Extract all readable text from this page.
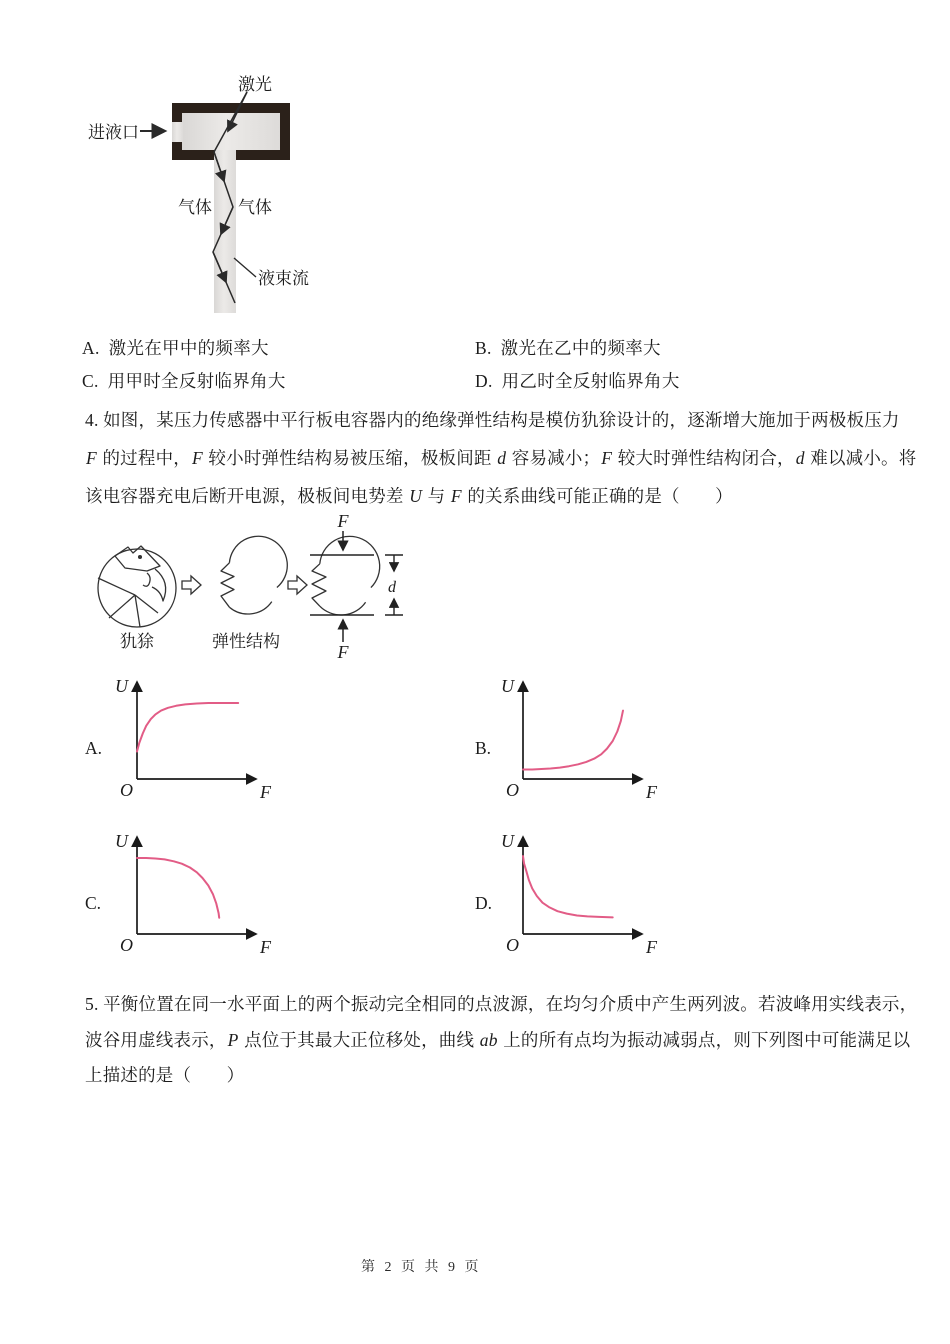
激光
进液口
气体 气体
液束流
A. 激光在甲中的频率大	B. 激光在乙中的频率大
C. 用甲时全反射临界角大	D. 用乙时全反射临界角大
4. 如图，某压力传感器中平行板电容器内的绝缘弹性结构是模仿犰狳设计的，逐渐增大施加于两极板压力
F 的过程中，F 较小时弹性结构易被压缩，极板间距 d 容易减小；F 较大时弹性结构闭合，d 难以减小。将
该电容器充电后断开电源，极板间电势差 U 与 F 的关系曲线可能正确的是（　　）
犰狳	弹性结构
F
F
d
A.
U
O	F
B.
U
O	F
C.
U
O	F
D.
U
O	F
5. 平衡位置在同一水平面上的两个振动完全相同的点波源，在均匀介质中产生两列波。若波峰用实线表示，
波谷用虚线表示，P 点位于其最大正位移处，曲线 ab 上的所有点均为振动减弱点，则下列图中可能满足以
上描述的是（　　）
第 2 页 共 9 页
